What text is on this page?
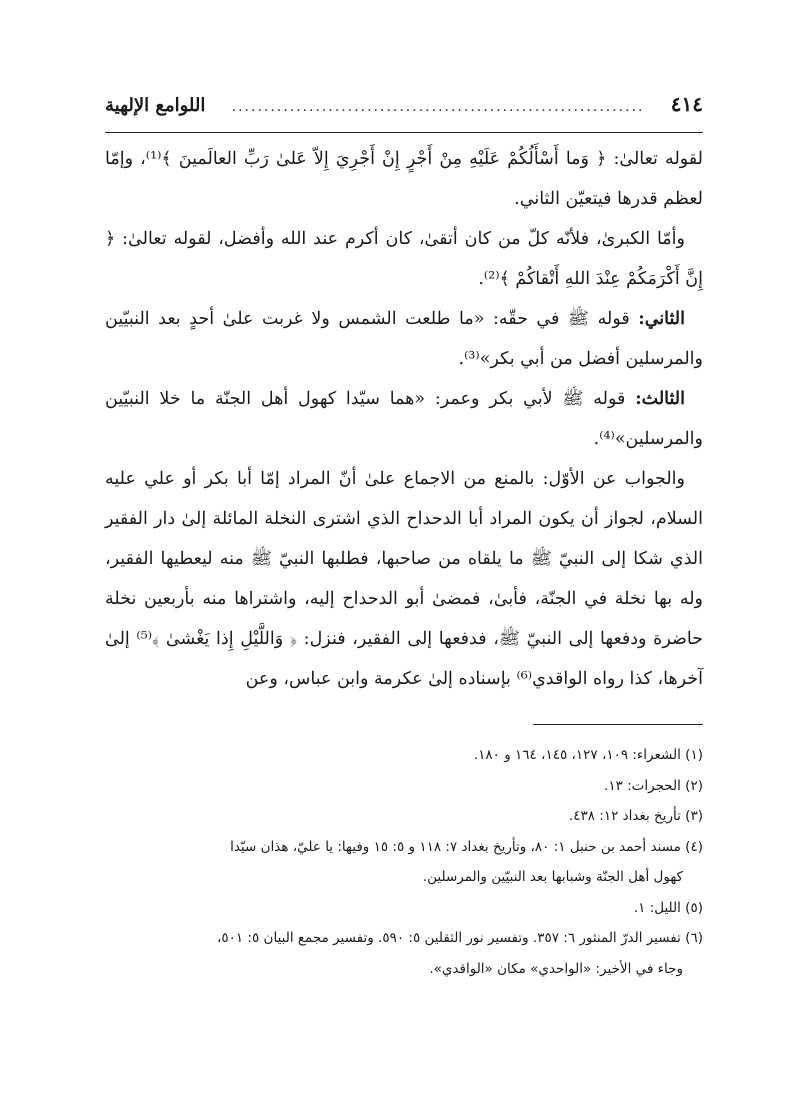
٤١٤
................................................................
اللوامع الإلهية

لقوله تعالىٰ: ﴿ وَما أَسْأَلُكُمْ عَلَيْهِ مِنْ أَجْرٍ إِنْ أَجْرِيَ إِلاّ عَلىٰ رَبِّ العالَمينَ ﴾⁽¹⁾، وإمّا لعظم قدرها فيتعيّن الثاني.

وأمّا الكبرىٰ، فلأنّه كلّ من كان أتقىٰ، كان أكرم عند الله وأفضل، لقوله تعالىٰ: ﴿ إِنَّ أَكْرَمَكُمْ عِنْدَ اللهِ أَتْقاكُمْ ﴾⁽²⁾.

الثاني: قوله ﷺ في حقّه: «ما طلعت الشمس ولا غربت علىٰ أحدٍ بعد النبيّين والمرسلين أفضل من أبي بكر»⁽³⁾.

الثالث: قوله ﷺ لأبي بكر وعمر: «هما سيّدا كهول أهل الجنّة ما خلا النبيّين والمرسلين»⁽⁴⁾.

والجواب عن الأوّل: بالمنع من الاجماع علىٰ أنّ المراد إمّا أبا بكر أو علي عليه السلام، لجواز أن يكون المراد أبا الدحداح الذي اشترى النخلة المائلة إلىٰ دار الفقير الذي شكا إلى النبيّ ﷺ ما يلقاه من صاحبها، فطلبها النبيّ ﷺ منه ليعطيها الفقير، وله بها نخلة في الجنّة، فأبىٰ، فمضىٰ أبو الدحداح إليه، واشتراها منه بأربعين نخلة حاضرة ودفعها إلى النبيّ ﷺ، فدفعها إلى الفقير، فنزل: ﴿ وَاللَّيْلِ إِذا يَغْشىٰ ﴾⁽⁵⁾ إلىٰ آخرها، كذا رواه الواقدي⁽⁶⁾ بإسناده إلىٰ عكرمة وابن عباس، وعن

(١) الشعراء: ١٠٩، ١٢٧، ١٤٥، ١٦٤ و ١٨٠.

(٢) الحجرات: ١٣.

(٣) تأريخ بغداد ١٢: ٤٣٨.

(٤) مسند أحمد بن حنبل ١: ٨٠، وتأريخ بغداد ٧: ١١٨ و ٥: ١٥ وفيها: يا عليّ، هذان سيّدا

كهول أهل الجنّة وشبابها بعد النبيّين والمرسلين.

(٥) الليل: ١.

(٦) تفسير الدرّ المنثور ٦: ٣٥٧. وتفسير نور الثقلين ٥: ٥٩٠. وتفسير مجمع البيان ٥: ٥٠١،

وجاء في الأخير: «الواحدي» مكان «الواقدي».
